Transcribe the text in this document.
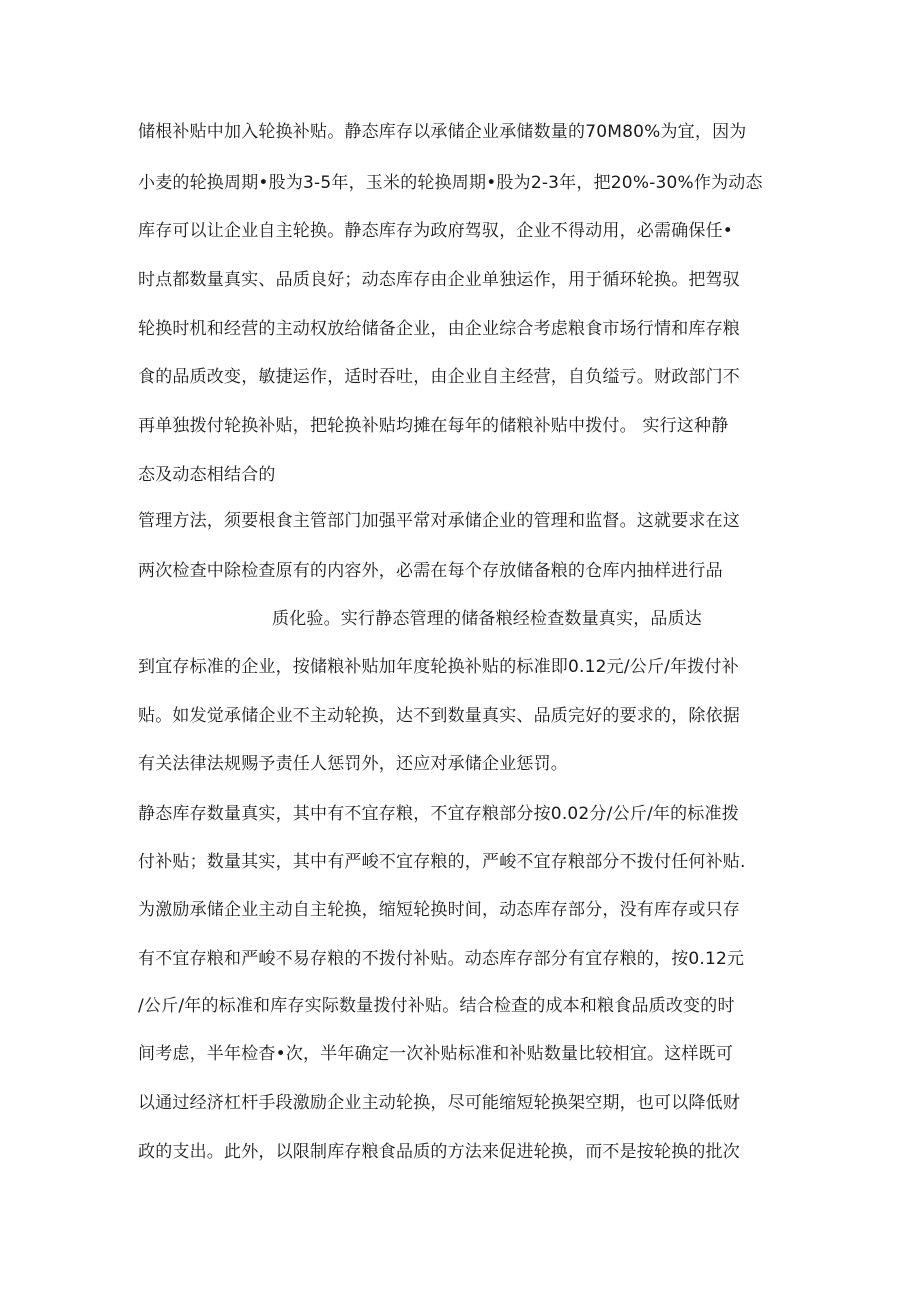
储根补贴中加入轮换补贴。静态库存以承储企业承储数量的70M80%为宜，因为
小麦的轮换周期•股为3-5年，玉米的轮换周期•股为2-3年，把20%-30%作为动态
库存可以让企业自主轮换。静态库存为政府驾驭，企业不得动用，必需确保任•
时点都数量真实、品质良好；动态库存由企业单独运作，用于循环轮换。把驾驭
轮换时机和经营的主动权放给储备企业，由企业综合考虑粮食市场行情和库存粮
食的品质改变，敏捷运作，适时吞吐，由企业自主经营，自负缢亏。财政部门不
再单独拨付轮换补贴，把轮换补贴均摊在每年的储粮补贴中拨付。 实行这种静
态及动态相结合的
管理方法，须要根食主管部门加强平常对承储企业的管理和监督。这就要求在这
两次检查中除检查原有的内容外，必需在每个存放储备粮的仓库内抽样进行品
质化验。实行静态管理的储备粮经检查数量真实，品质达
到宜存标准的企业，按储粮补贴加年度轮换补贴的标准即0.12元/公斤/年拨付补
贴。如发觉承储企业不主动轮换，达不到数量真实、品质完好的要求的，除依据
有关法律法规赐予责任人惩罚外，还应对承储企业惩罚。
静态库存数量真实，其中有不宜存粮，不宜存粮部分按0.02分/公斤/年的标准拨
付补贴；数量其实，其中有严峻不宜存粮的，严峻不宜存粮部分不拨付任何补贴.
为激励承储企业主动自主轮换，缩短轮换时间，动态库存部分，没有库存或只存
有不宜存粮和严峻不易存粮的不拨付补贴。动态库存部分有宜存粮的，按0.12元
/公斤/年的标准和库存实际数量拨付补贴。结合检查的成本和粮食品质改变的时
间考虑，半年检杳•次，半年确定一次补贴标准和补贴数量比较相宜。这样既可
以通过经济杠杆手段激励企业主动轮换，尽可能缩短轮换架空期，也可以降低财
政的支出。此外，以限制库存粮食品质的方法来促进轮换，而不是按轮换的批次
